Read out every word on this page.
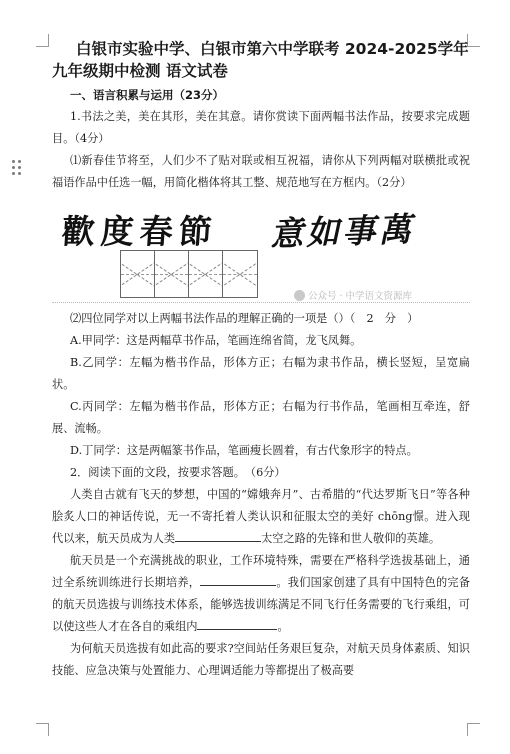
白银市实验中学、白银市第六中学联考 2024-2025学年九年级期中检测 语文试卷
一、语言积累与运用（23分）

1.书法之美，美在其形，美在其意。请你赏读下面两幅书法作品，按要求完成题目。（4分）

⑴新春佳节将至，人们少不了贴对联或相互祝福，请你从下列两幅对联横批或祝福语作品中任选一幅，用简化楷体将其工整、规范地写在方框内。（2分）

歡度春節 意如事萬
公众号 · 中学语文资源库

⑵四位同学对以上两幅书法作品的理解正确的一项是（）（　2　分　）

A.甲同学：这是两幅草书作品，笔画连绵省简，龙飞凤舞。

B.乙同学：左幅为楷书作品，形体方正；右幅为隶书作品，横长竖短，呈宽扁状。

C.丙同学：左幅为楷书作品，形体方正；右幅为行书作品，笔画相互牵连，舒展、流畅。

D.丁同学：这是两幅篆书作品，笔画瘦长圆着，有古代象形字的特点。

2．阅读下面的文段，按要求答题。　（6分）

人类自古就有飞天的梦想，中国的“嫦娥奔月”、古希腊的“代达罗斯飞日”等各种脍炙人口的神话传说，无一不寄托着人类认识和征服太空的美好 chōng憬。进入现代以来，航天员成为人类	太空之路的先锋和世人敬仰的英雄。

航天员是一个充满挑战的职业，工作环境特殊，需要在严格科学选拔基础上，通过全系统训练进行长期培养，	。我们国家创建了具有中国特色的完备的航天员选拔与训练技术体系，能够选拔训练满足不同飞行任务需要的飞行乘组，可以使这些人才在各自的乘组内	。

为何航天员选拔有如此高的要求?空间站任务艰巨复杂，对航天员身体素质、知识技能、应急决策与处置能力、心理调适能力等都提出了极高要
